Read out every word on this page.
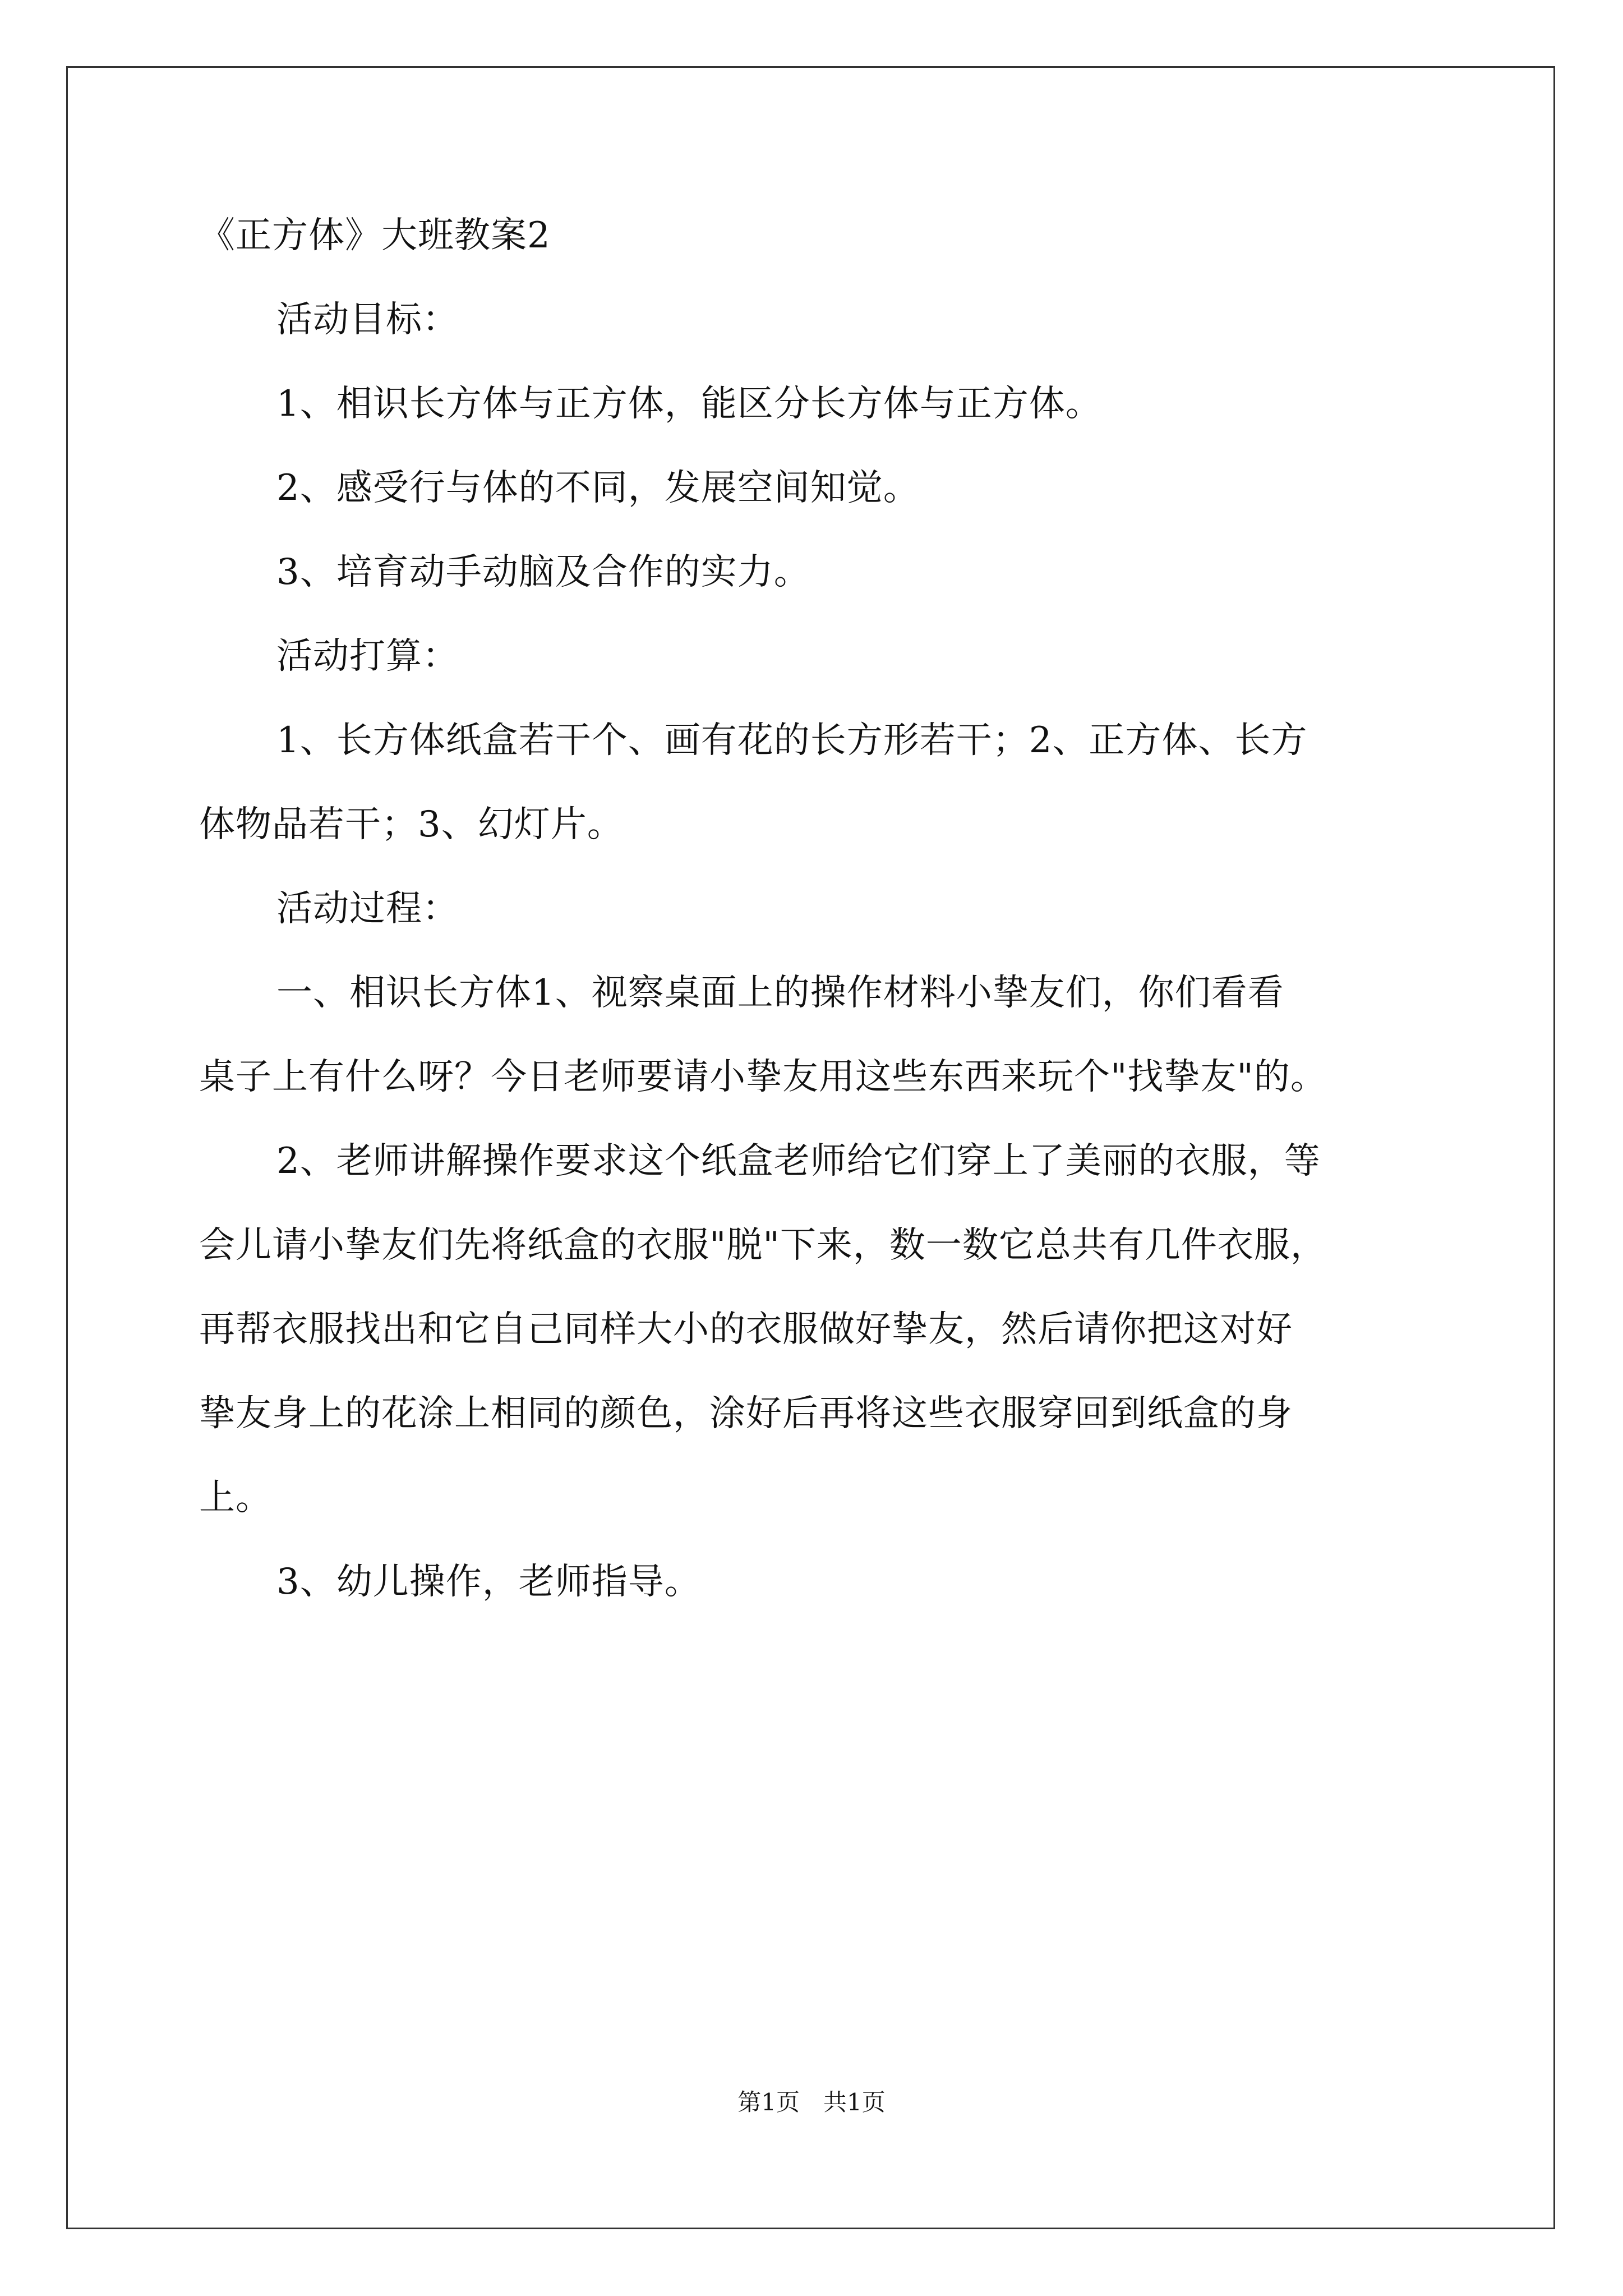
《正方体》大班教案2
活动目标：
1、相识长方体与正方体，能区分长方体与正方体。
2、感受行与体的不同，发展空间知觉。
3、培育动手动脑及合作的实力。
活动打算：
1、长方体纸盒若干个、画有花的长方形若干；2、正方体、长方
体物品若干；3、幻灯片。
活动过程：
一、相识长方体1、视察桌面上的操作材料小挚友们，你们看看
桌子上有什么呀？今日老师要请小挚友用这些东西来玩个"找挚友"的。
2、老师讲解操作要求这个纸盒老师给它们穿上了美丽的衣服，等
会儿请小挚友们先将纸盒的衣服"脱"下来，数一数它总共有几件衣服，
再帮衣服找出和它自己同样大小的衣服做好挚友，然后请你把这对好
挚友身上的花涂上相同的颜色，涂好后再将这些衣服穿回到纸盒的身
上。
3、幼儿操作，老师指导。
第1页　共1页
